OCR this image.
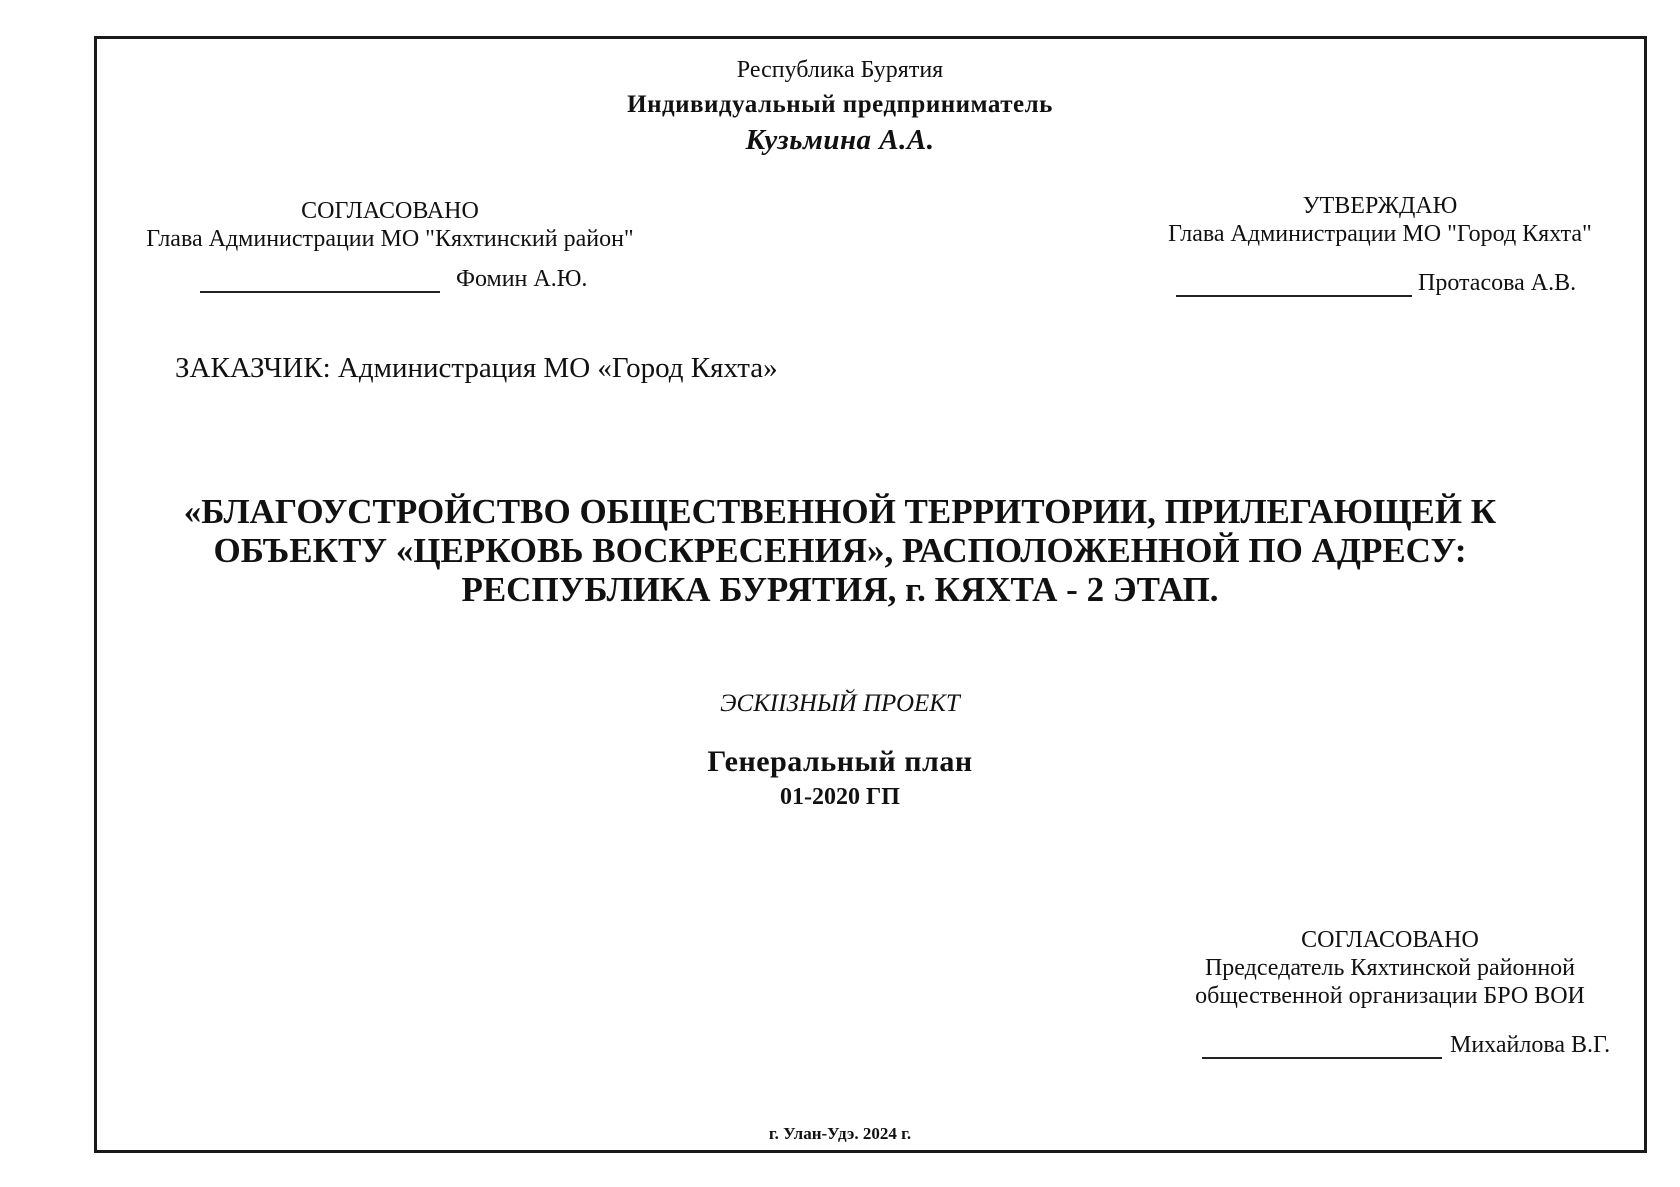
Республика Бурятия
Индивидуальный предприниматель
Кузьмина А.А.
СОГЛАСОВАНО
Глава Администрации МО "Кяхтинский район"
Фомин А.Ю.
УТВЕРЖДАЮ
Глава Администрации МО "Город Кяхта"
Протасова А.В.
ЗАКАЗЧИК: Администрация МО «Город Кяхта»
«БЛАГОУСТРОЙСТВО ОБЩЕСТВЕННОЙ ТЕРРИТОРИИ, ПРИЛЕГАЮЩЕЙ К
ОБЪЕКТУ «ЦЕРКОВЬ ВОСКРЕСЕНИЯ», РАСПОЛОЖЕННОЙ ПО АДРЕСУ:
РЕСПУБЛИКА БУРЯТИЯ, г. КЯХТА - 2 ЭТАП.
ЭСКIIЗНЫЙ ПРОЕКТ
Генеральный план
01-2020 ГП
СОГЛАСОВАНО
Председатель Кяхтинской районной
общественной организации БРО ВОИ
Михайлова В.Г.
г. Улан-Удэ. 2024 г.
